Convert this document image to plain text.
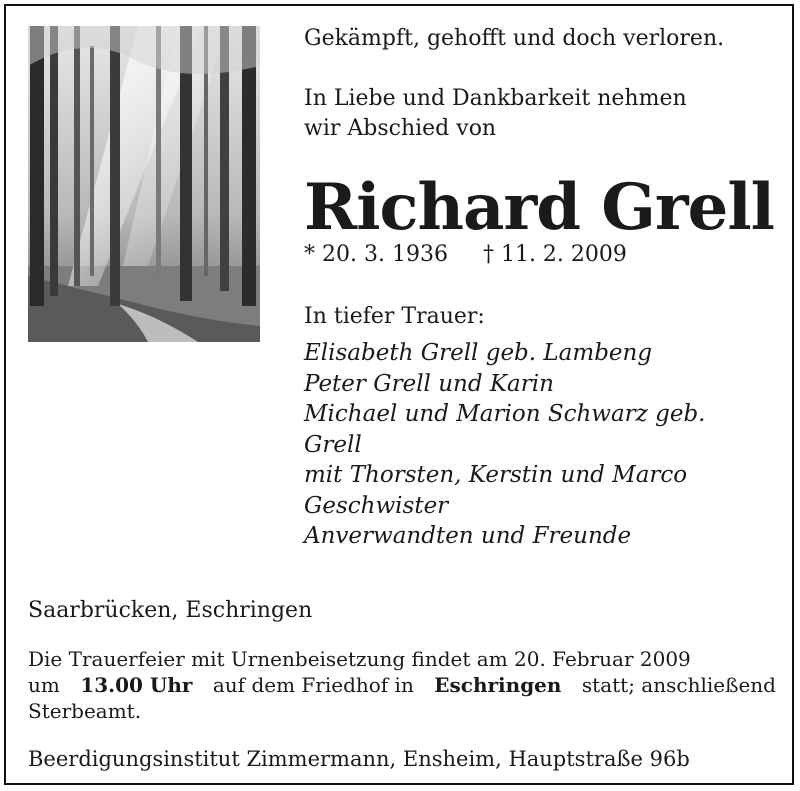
Gekämpft, gehofft und doch verloren.
In Liebe und Dankbarkeit nehmen
wir Abschied von
Richard Grell
* 20. 3. 1936 † 11. 2. 2009
In tiefer Trauer:
Elisabeth Grell geb. Lambeng
Peter Grell und Karin
Michael und Marion Schwarz geb.
Grell
mit Thorsten, Kerstin und Marco
Geschwister
Anverwandten und Freunde
Saarbrücken, Eschringen
Die Trauerfeier mit Urnenbeisetzung findet am 20. Februar 2009
um 13.00 Uhr auf dem Friedhof in Eschringen statt; anschließend
Sterbeamt.
Beerdigungsinstitut Zimmermann, Ensheim, Hauptstraße 96b
